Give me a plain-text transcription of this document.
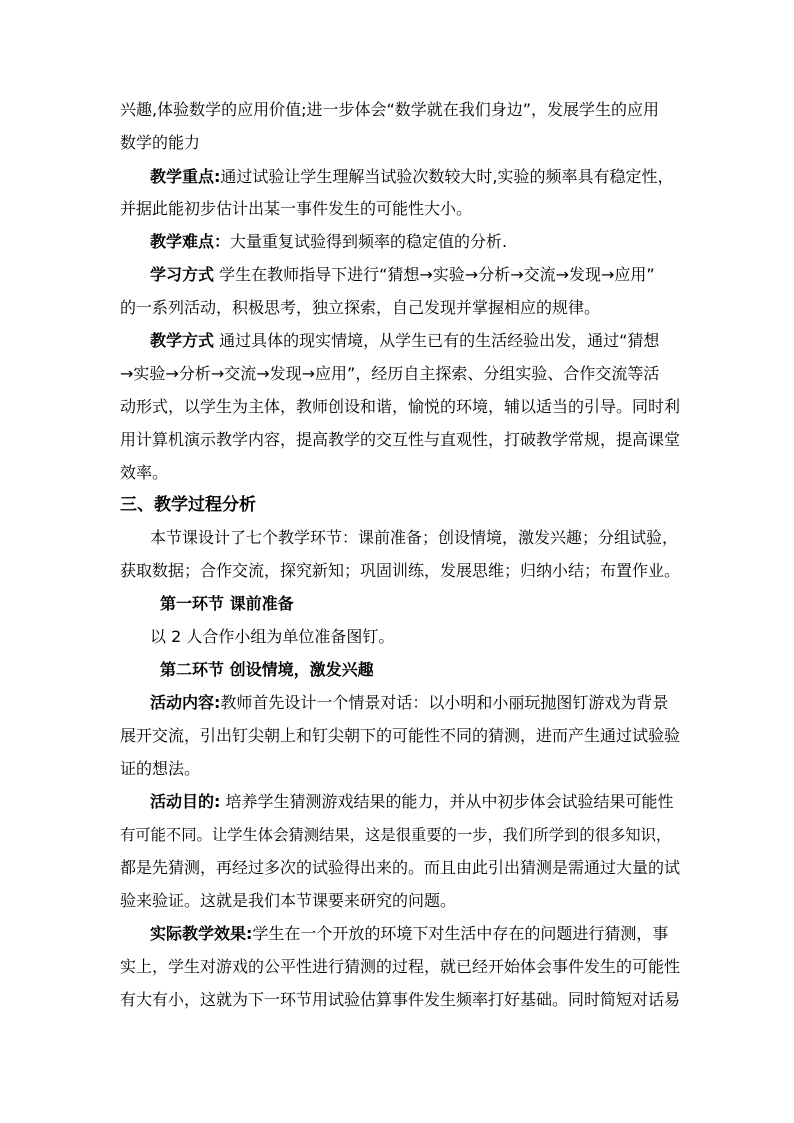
兴趣,体验数学的应用价值;进一步体会“数学就在我们身边”，发展学生的应用
数学的能力
教学重点:通过试验让学生理解当试验次数较大时,实验的频率具有稳定性，
并据此能初步估计出某一事件发生的可能性大小。
教学难点：大量重复试验得到频率的稳定值的分析.
学习方式 学生在教师指导下进行“猜想→实验→分析→交流→发现→应用”
的一系列活动，积极思考，独立探索，自己发现并掌握相应的规律。
教学方式 通过具体的现实情境，从学生已有的生活经验出发，通过“猜想
→实验→分析→交流→发现→应用”，经历自主探索、分组实验、合作交流等活
动形式，以学生为主体，教师创设和谐，愉悦的环境，辅以适当的引导。同时利
用计算机演示教学内容，提高教学的交互性与直观性，打破教学常规，提高课堂
效率。
三、教学过程分析
本节课设计了七个教学环节：课前准备；创设情境，激发兴趣；分组试验，
获取数据；合作交流，探究新知；巩固训练，发展思维；归纳小结；布置作业。
第一环节 课前准备
以 2 人合作小组为单位准备图钉。
第二环节 创设情境，激发兴趣
活动内容:教师首先设计一个情景对话：以小明和小丽玩抛图钉游戏为背景
展开交流，引出钉尖朝上和钉尖朝下的可能性不同的猜测，进而产生通过试验验
证的想法。
活动目的: 培养学生猜测游戏结果的能力，并从中初步体会试验结果可能性
有可能不同。让学生体会猜测结果，这是很重要的一步，我们所学到的很多知识，
都是先猜测，再经过多次的试验得出来的。而且由此引出猜测是需通过大量的试
验来验证。这就是我们本节课要来研究的问题。
实际教学效果:学生在一个开放的环境下对生活中存在的问题进行猜测，事
实上，学生对游戏的公平性进行猜测的过程，就已经开始体会事件发生的可能性
有大有小，这就为下一环节用试验估算事件发生频率打好基础。同时简短对话易
